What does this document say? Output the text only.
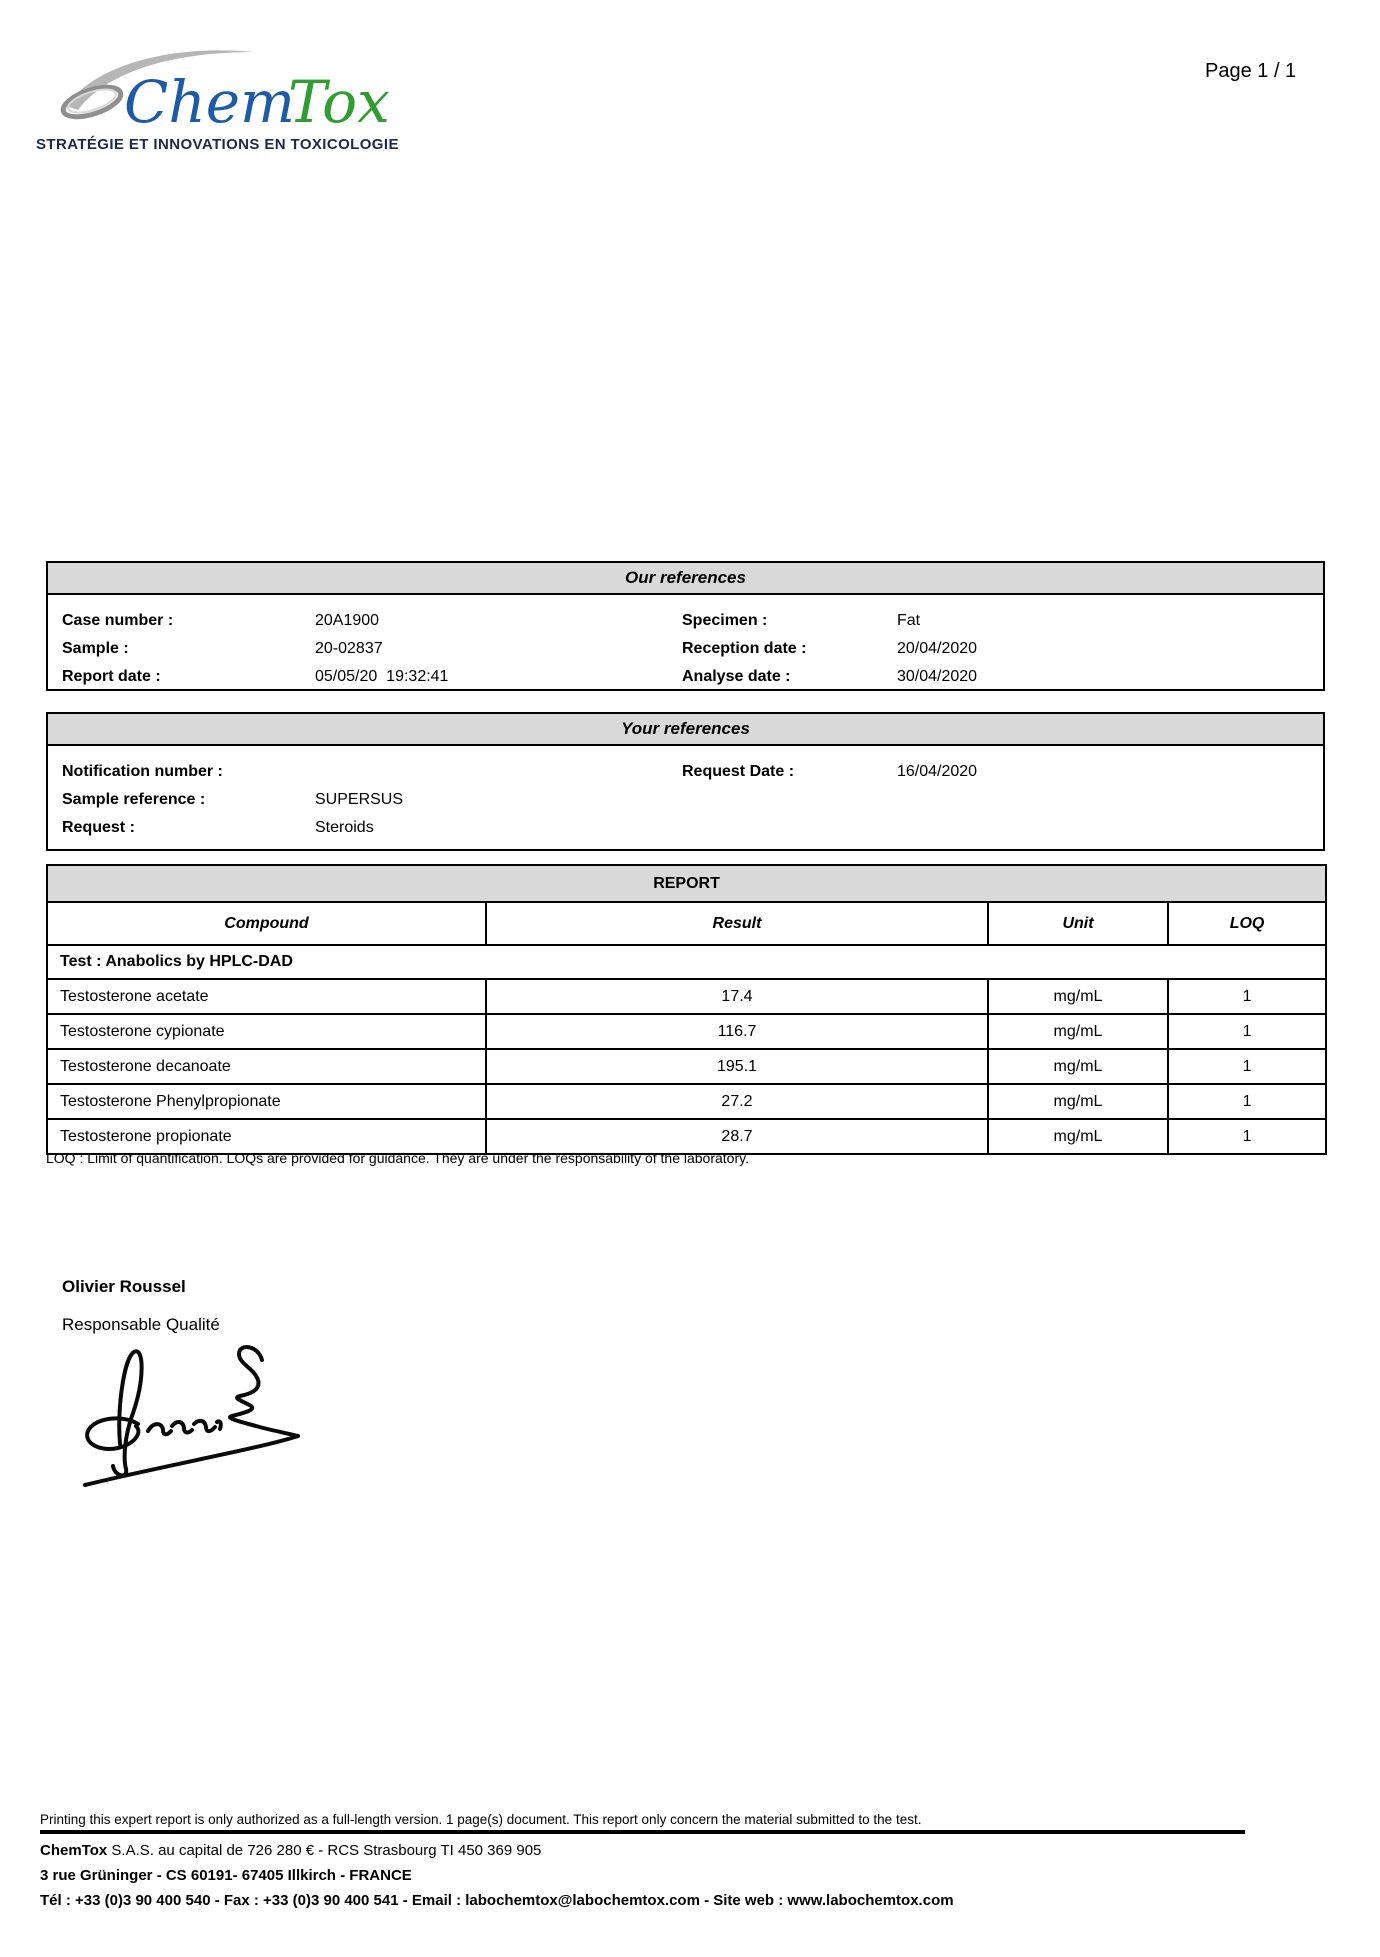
Chem
Tox
STRATÉGIE ET INNOVATIONS EN TOXICOLOGIE
Page 1 / 1
Our references
Case number :	20A1900	Specimen :	Fat
Sample :	20-02837	Reception date :	20/04/2020
Report date :	05/05/20  19:32:41	Analyse date :	30/04/2020
Your references
Notification number :	Request Date :	16/04/2020
Sample reference :	SUPERSUS
Request :	Steroids
REPORT			
Compound	Result	Unit	LOQ
Test : Anabolics by HPLC-DAD			
Testosterone acetate	17.4	mg/mL	1
Testosterone cypionate	116.7	mg/mL	1
Testosterone decanoate	195.1	mg/mL	1
Testosterone Phenylpropionate	27.2	mg/mL	1
Testosterone propionate	28.7	mg/mL	1
LOQ : Limit of quantification. LOQs are provided for guidance. They are under the responsability of the laboratory.
Olivier Roussel
Responsable Qualité
Printing this expert report is only authorized as a full-length version. 1 page(s) document. This report only concern the material submitted to the test.
ChemTox S.A.S. au capital de 726 280 € - RCS Strasbourg TI 450 369 905
3 rue Grüninger - CS 60191- 67405 Illkirch - FRANCE
Tél : +33 (0)3 90 400 540 - Fax : +33 (0)3 90 400 541 - Email : labochemtox@labochemtox.com - Site web : www.labochemtox.com
